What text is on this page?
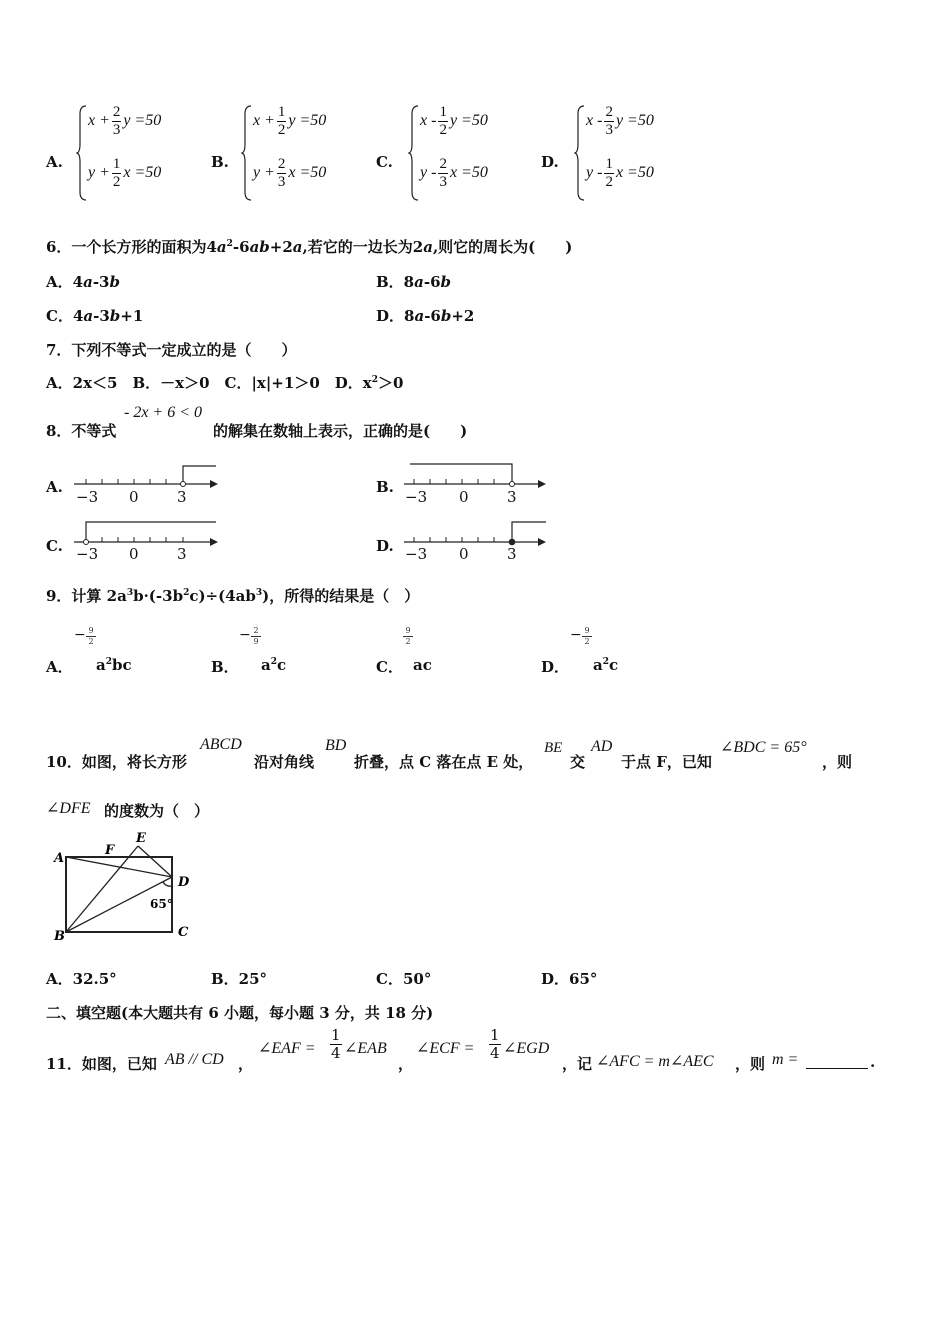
A.
$x + \frac{2}{3}$ y =50
$y + \frac{1}{2}$ x =50
B.
$x + \frac{1}{2}$ y =50
$y + \frac{2}{3}$ x =50
C.
x - $\frac{1}{2}$ y =50
y - $\frac{2}{3}$ x =50
D.
x - $\frac{2}{3}$ y =50
y - $\frac{1}{2}$ x =50
6．一个长方形的面积为$4a^2-6ab+2a$,若它的一边长为2a,则它的周长为(　　)
A．4a-3b	B．8a-6b
C．4a-3b+1	D．8a-6b+2
7．下列不等式一定成立的是（　　）
A．2x＜5　B．－x＞0　C．|x|+1＞0　D．$x^2>0$
8．不等式
- 2x + 6 < 0
的解集在数轴上表示，正确的是(　　)
A.
−3 0	3
B.
−3 0	3
C. −3 0	3	D. −3 0	3
9．计算 $2a^3b\cdot(-3b^2c)\div(4ab^3)$，所得的结果是（　）
A．
− 9
2
$a^2bc$	B．
− 2
9
$a^2c$	C．
9
2
ac	D．
− 9
2
$a^2c$
10．如图，将长方形
ABCD
沿对角线
BD
折叠，点 C 落在点 E 处，
BE
交
AD
于点 F，已知
∠BDC = 65°
，则
∠DFE 的度数为（　）
A
B	C
D
E
F
65°
A．32.5°	B．25°	C．50°	D．65°
二、填空题(本大题共有 6 小题，每小题 3 分，共 18 分)
11．如图，已知 AB // CD ，
∠EAF = $\frac{1}{4}$ ∠EAB
，
∠ECF = $\frac{1}{4}$ ∠EGD
，记 ∠AFC = m∠AEC ，则 m =	.
